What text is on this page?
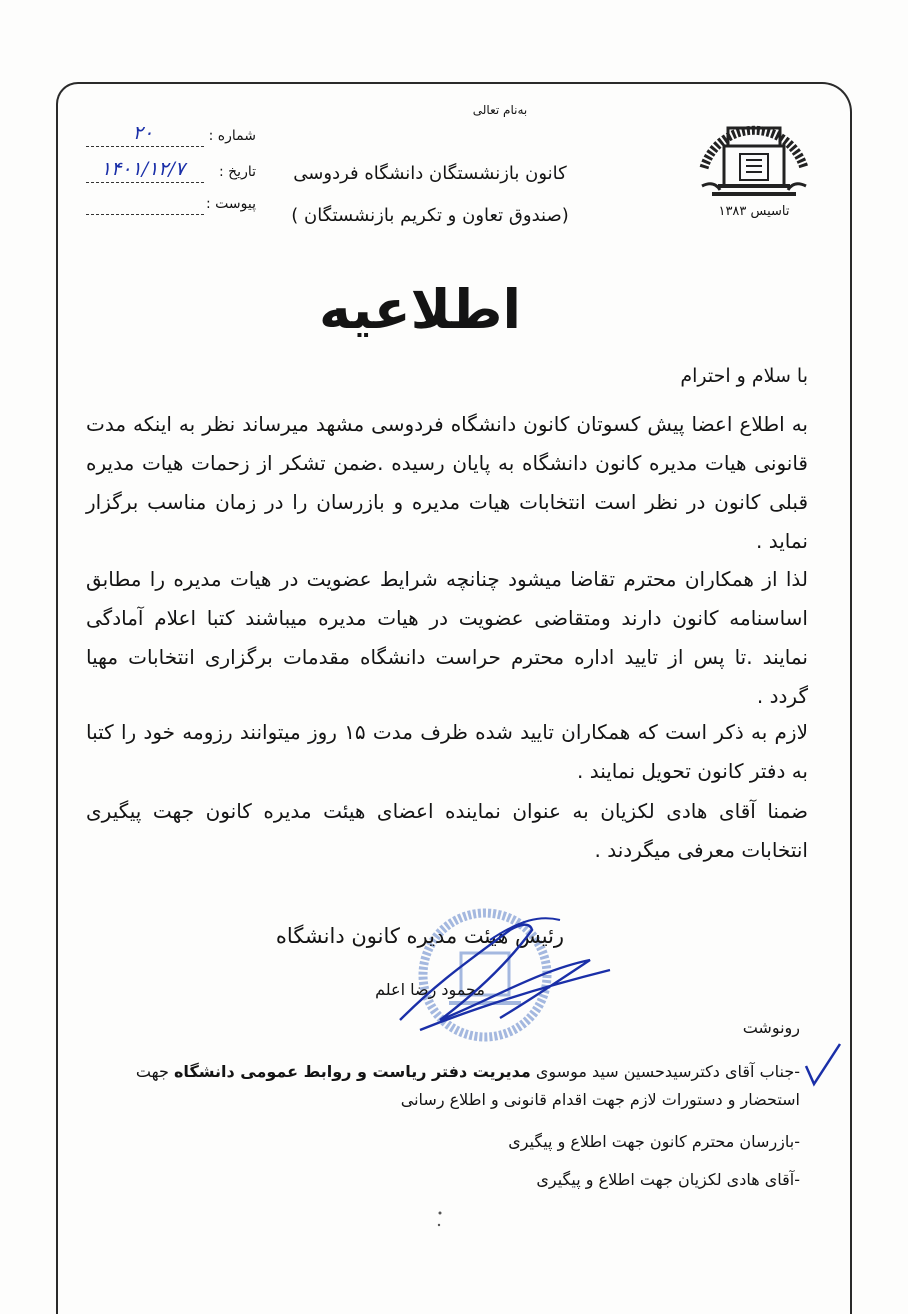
به‌نام تعالی
کانون بازنشستگان دانشگاه فردوسی
(صندوق تعاون و تکریم بازنشستگان )
شماره :
۲۰
تاریخ :
۱۴۰۱/۱۲/۷
پیوست :	تاسیس ۱۳۸۳
اطلاعیه
با سلام و احترام
به اطلاع اعضا پیش کسوتان کانون دانشگاه فردوسی مشهد میرساند نظر به اینکه مدت قانونی هیات مدیره کانون دانشگاه به پایان رسیده .ضمن تشکر از زحمات هیات مدیره قبلی کانون در نظر است انتخابات هیات مدیره و بازرسان را در زمان مناسب برگزار نماید .
لذا از همکاران محترم تقاضا میشود چنانچه شرایط عضویت در هیات مدیره را مطابق اساسنامه کانون دارند ومتقاضی عضویت در هیات مدیره میباشند کتبا اعلام آمادگی نمایند .تا پس از تایید اداره محترم حراست دانشگاه مقدمات برگزاری انتخابات مهیا گردد .
لازم به ذکر است که همکاران تایید شده ظرف مدت ۱۵ روز میتوانند رزومه خود را کتبا به دفتر کانون تحویل نمایند .
ضمنا آقای هادی لکزیان به عنوان نماینده اعضای هیئت مدیره کانون جهت پیگیری انتخابات معرفی میگردند .
رئیس هیئت مدیره کانون دانشگاه
محمود رضا اعلم
رونوشت
-جناب آقای دکترسیدحسین سید موسوی مدیریت دفتر ریاست و روابط عمومی دانشگاه جهت استحضار و دستورات لازم جهت اقدام قانونی و اطلاع رسانی
-بازرسان محترم کانون جهت اطلاع و پیگیری
-آقای هادی لکزیان جهت اطلاع و پیگیری
